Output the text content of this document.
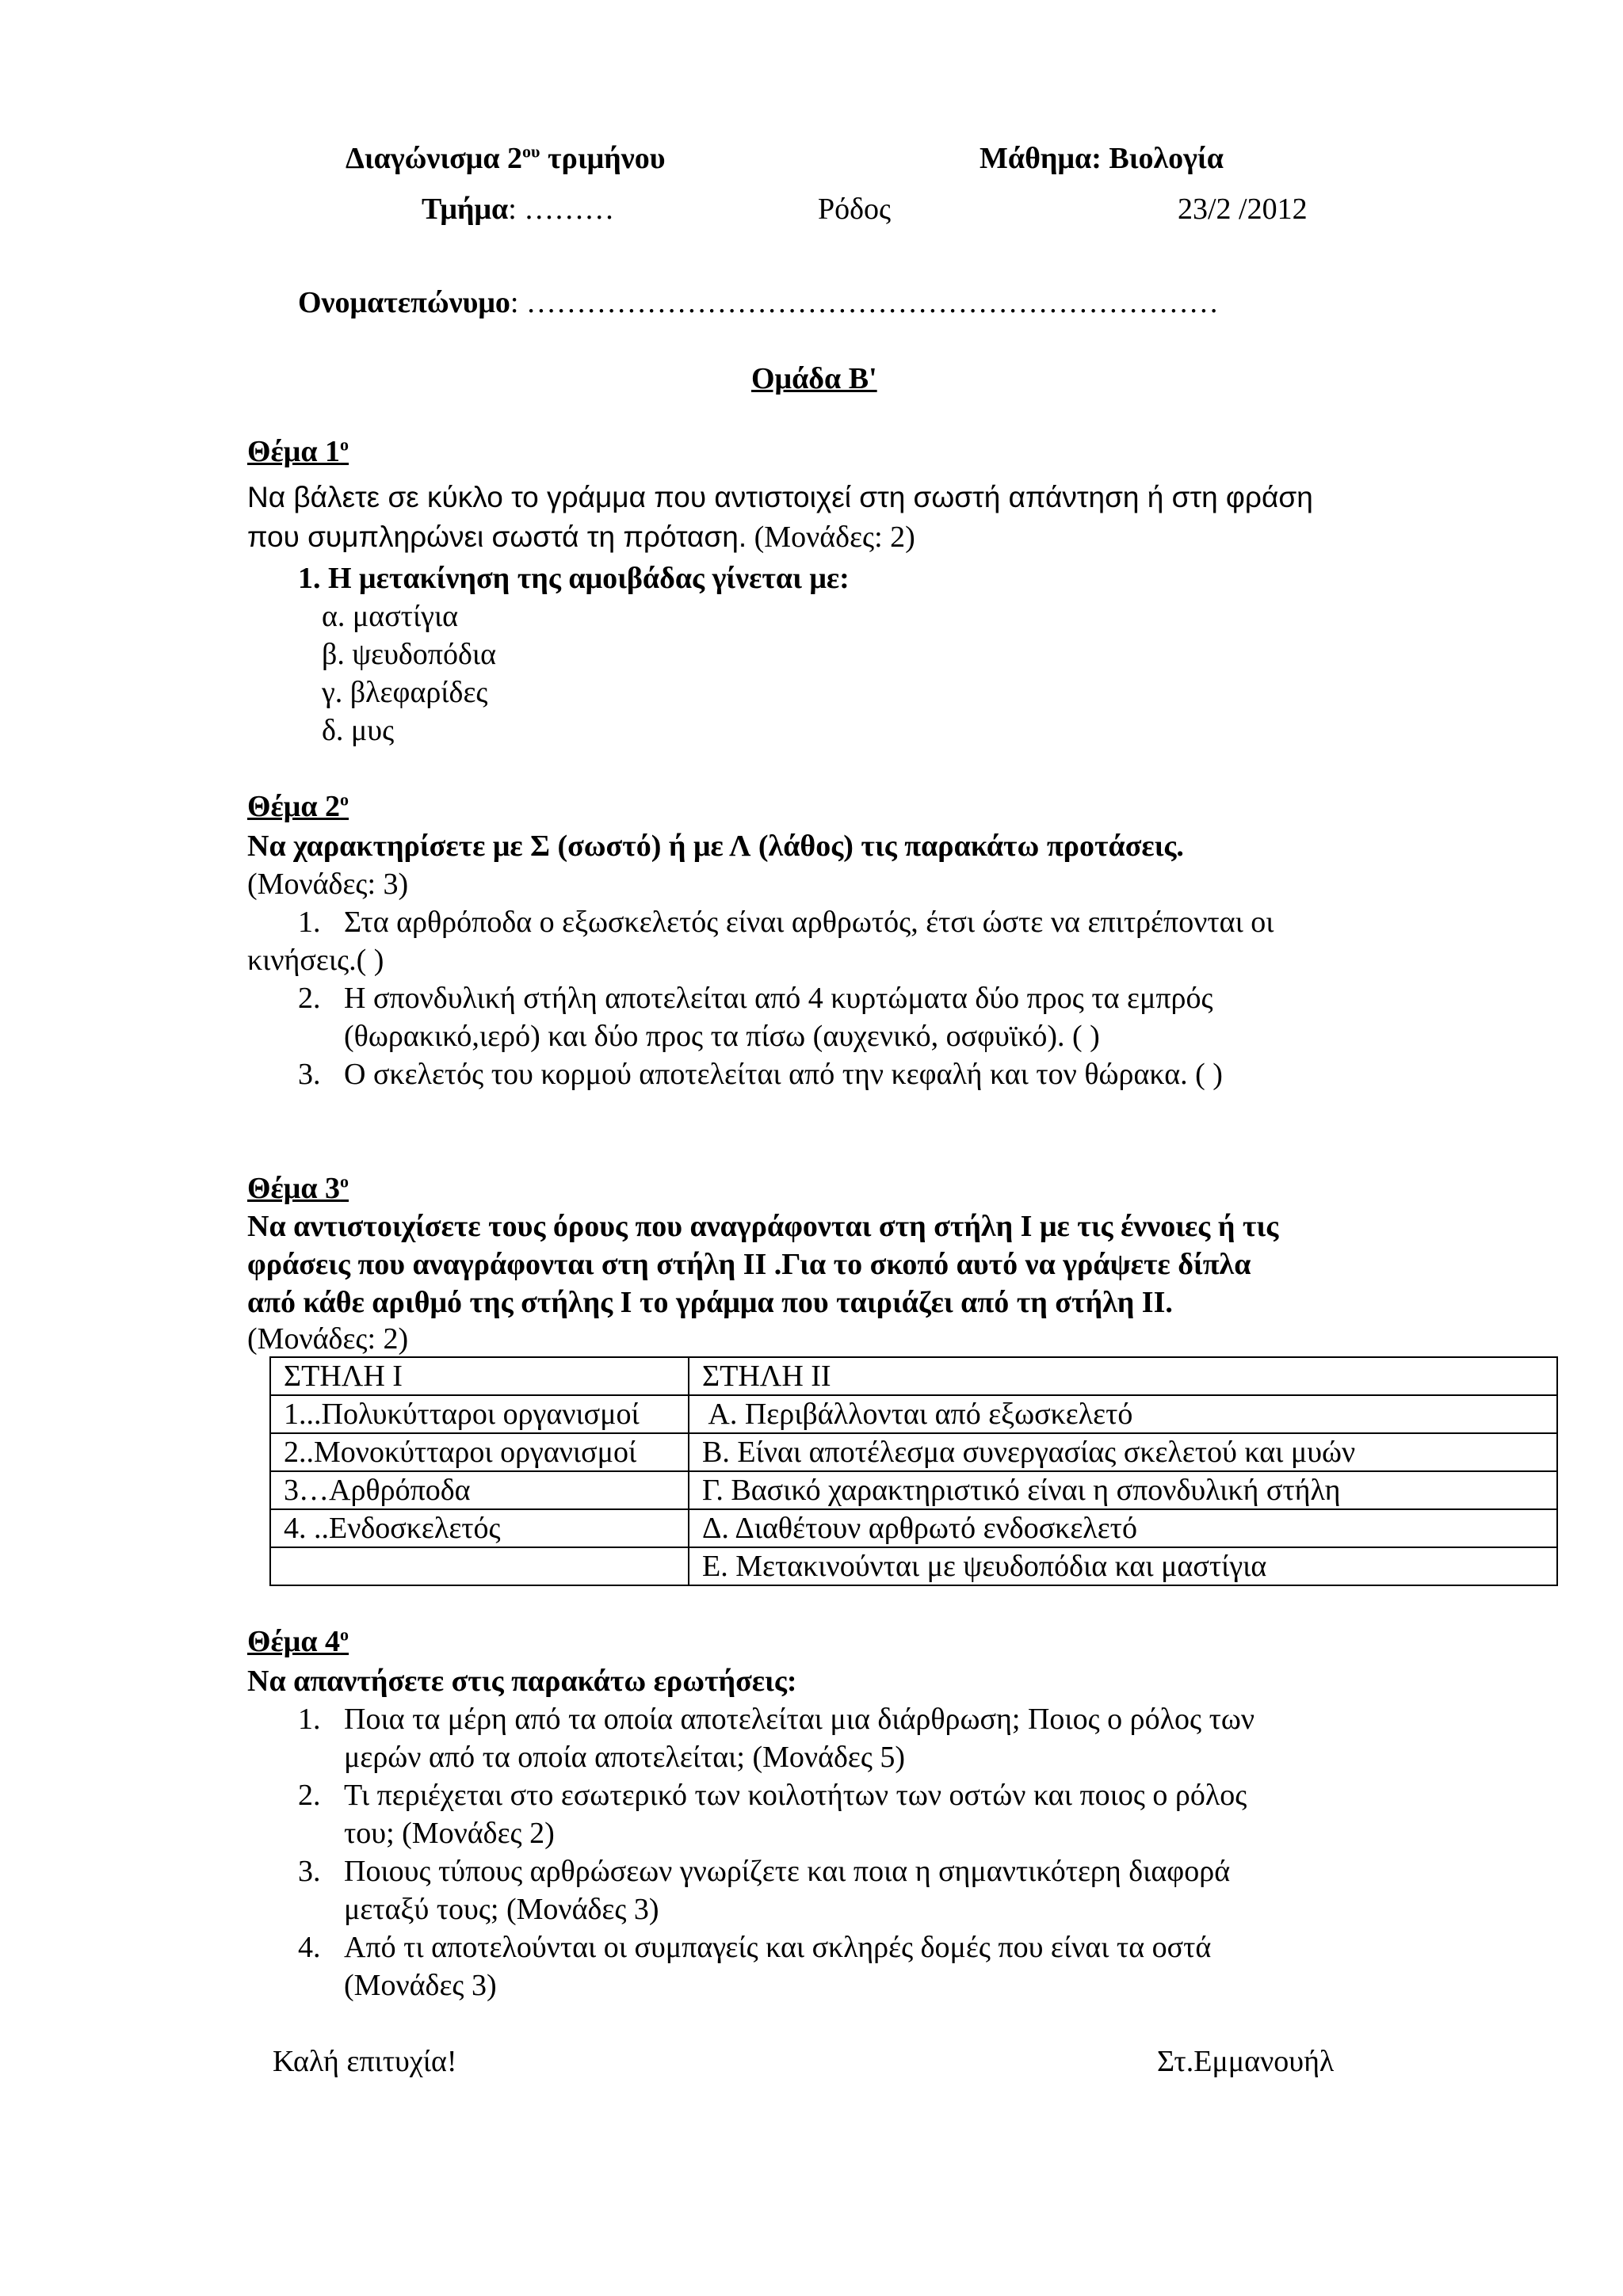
Διαγώνισμα $2^{o\upsilon}$ τριμήνου	Μάθημα: Βιολογία
Τμήμα: ………	Ρόδος	23/2 /2012
Ονοματεπώνυμο: ……………………………………………………………
Ομάδα Β'
Θέμα $1^o$
Να βάλετε σε κύκλο το γράμμα που αντιστοιχεί στη σωστή απάντηση ή στη φράση
που συμπληρώνει σωστά τη πρόταση. (Μονάδες: 2)
1. Η μετακίνηση της αμοιβάδας γίνεται με:
α. μαστίγια
β. ψευδοπόδια
γ. βλεφαρίδες
δ. μυς
Θέμα $2^o$
Να χαρακτηρίσετε με Σ (σωστό) ή με Λ (λάθος) τις παρακάτω προτάσεις.
(Μονάδες: 3)
1. Στα αρθρόποδα ο εξωσκελετός είναι αρθρωτός, έτσι ώστε να επιτρέπονται οι
κινήσεις.( )
2. Η σπονδυλική στήλη αποτελείται από 4 κυρτώματα δύο προς τα εμπρός
(θωρακικό,ιερό) και δύο προς τα πίσω (αυχενικό, οσφυϊκό). ( )
3. Ο σκελετός του κορμού αποτελείται από την κεφαλή και τον θώρακα. ( )
Θέμα $3^o$
Να αντιστοιχίσετε τους όρους που αναγράφονται στη στήλη Ι με τις έννοιες ή τις
φράσεις που αναγράφονται στη στήλη ΙΙ .Για το σκοπό αυτό να γράψετε δίπλα
από κάθε αριθμό της στήλης Ι το γράμμα που ταιριάζει από τη στήλη ΙΙ.
(Μονάδες: 2)
ΣΤΗΛΗ Ι	ΣΤΗΛΗ ΙΙ
1...Πολυκύτταροι οργανισμοί	Α. Περιβάλλονται από εξωσκελετό
2..Μονοκύτταροι οργανισμοί	Β. Είναι αποτέλεσμα συνεργασίας σκελετού και μυών
3…Αρθρόποδα	Γ. Βασικό χαρακτηριστικό είναι η σπονδυλική στήλη
4. ..Ενδοσκελετός	Δ. Διαθέτουν αρθρωτό ενδοσκελετό
	Ε. Μετακινούνται με ψευδοπόδια και μαστίγια
Θέμα $4^o$
Να απαντήσετε στις παρακάτω ερωτήσεις:
1. Ποια τα μέρη από τα οποία αποτελείται μια διάρθρωση; Ποιος ο ρόλος των
μερών από τα οποία αποτελείται; (Μονάδες 5)
2. Τι περιέχεται στο εσωτερικό των κοιλοτήτων των οστών και ποιος ο ρόλος
του; (Μονάδες 2)
3. Ποιους τύπους αρθρώσεων γνωρίζετε και ποια η σημαντικότερη διαφορά
μεταξύ τους; (Μονάδες 3)
4. Από τι αποτελούνται οι συμπαγείς και σκληρές δομές που είναι τα οστά
(Μονάδες 3)
Καλή επιτυχία!	Στ.Εμμανουήλ
